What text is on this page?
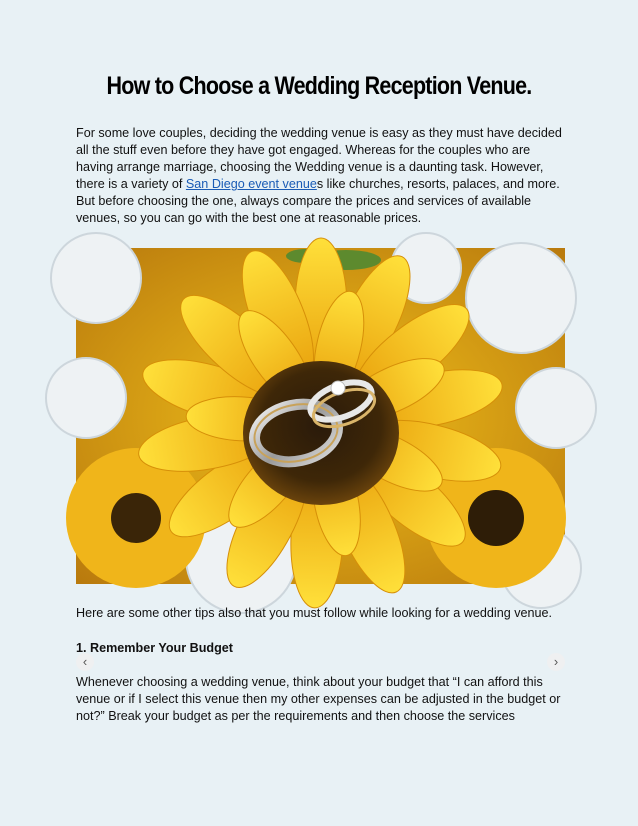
How to Choose a Wedding Reception Venue.

For some love couples, deciding the wedding venue is easy as they must have decided all the stuff even before they have got engaged. Whereas for the couples who are having arrange marriage, choosing the Wedding venue is a daunting task. However, there is a variety of San Diego event venues like churches, resorts, palaces, and more. But before choosing the one, always compare the prices and services of available venues, so you can go with the best one at reasonable prices.

‹	›

Here are some other tips also that you must follow while looking for a wedding venue.

1. Remember Your Budget

Whenever choosing a wedding venue, think about your budget that “I can afford this venue or if I select this venue then my other expenses can be adjusted in the budget or not?” Break your budget as per the requirements and then choose the services
